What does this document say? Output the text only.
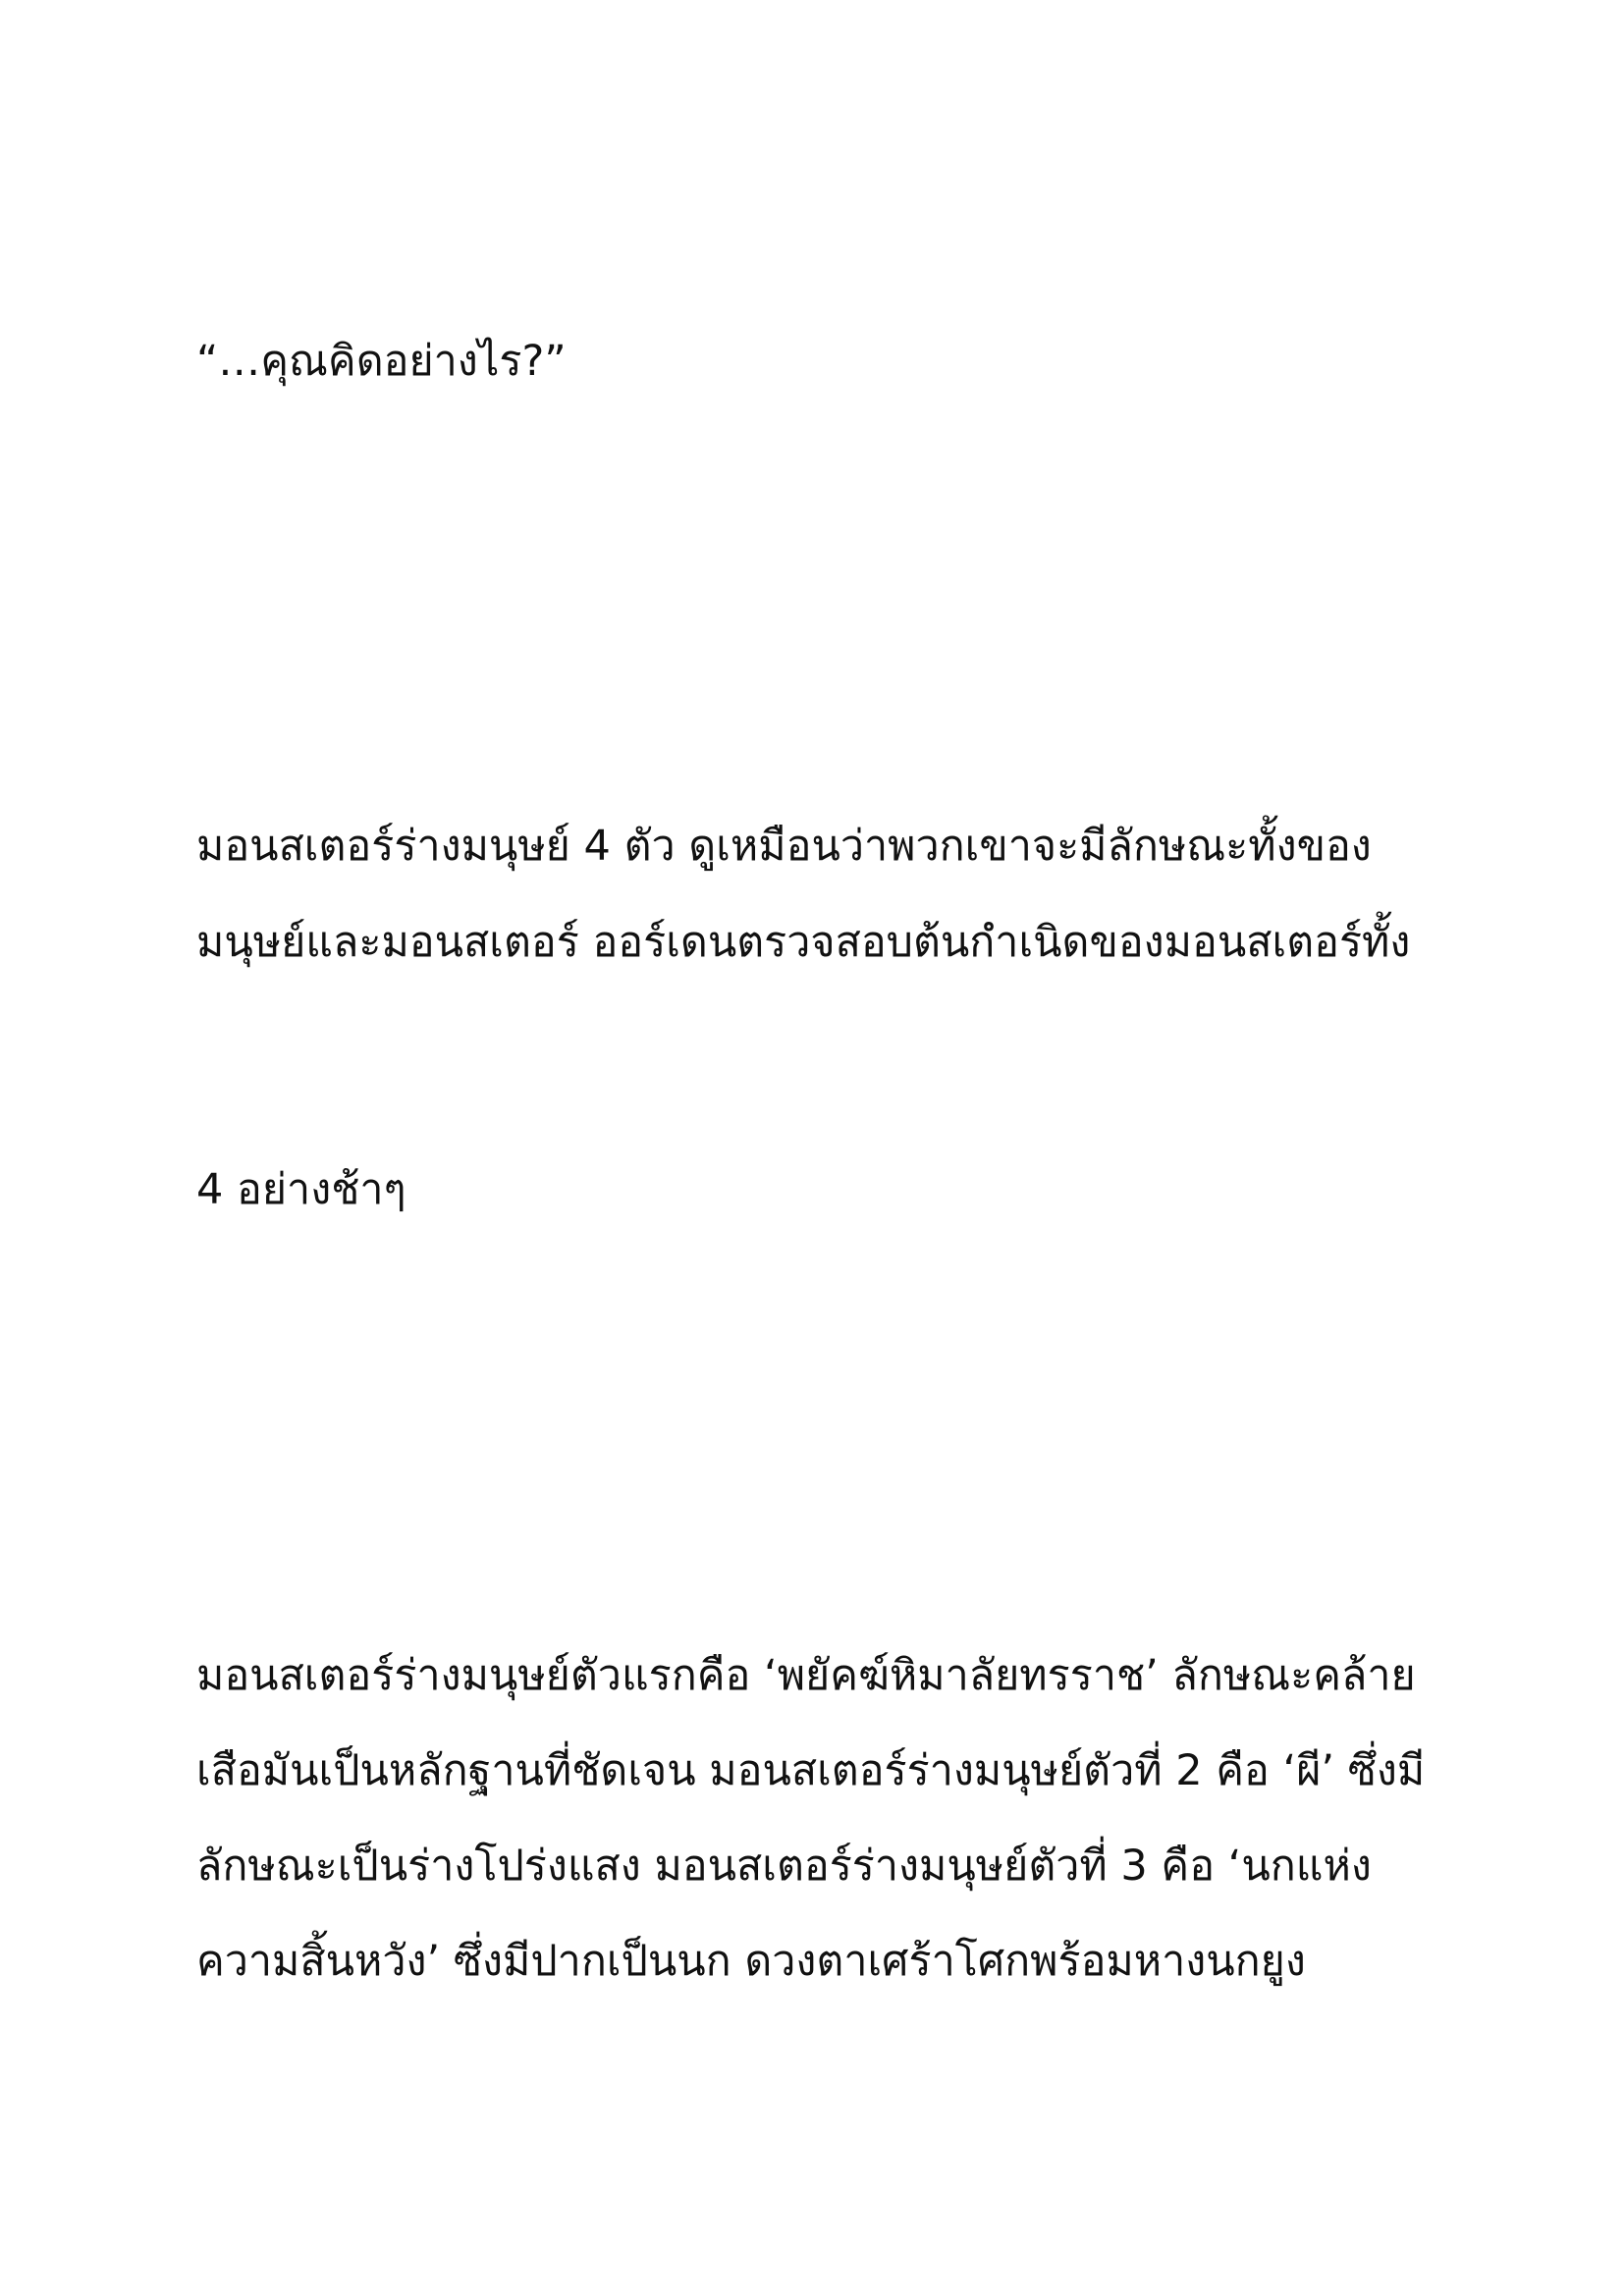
“…คุณคิดอย่างไร?”

มอนสเตอร์ร่างมนุษย์ 4 ตัว ดูเหมือนว่าพวกเขาจะมีลักษณะทั้งของ

มนุษย์และมอนสเตอร์ ออร์เดนตรวจสอบต้นกำเนิดของมอนสเตอร์ทั้ง

4 อย่างช้าๆ

มอนสเตอร์ร่างมนุษย์ตัวแรกคือ ‘พยัคฆ์หิมาลัยทรราช’ ลักษณะคล้าย

เสือมันเป็นหลักฐานที่ชัดเจน มอนสเตอร์ร่างมนุษย์ตัวที่ 2 คือ ‘ผี’ ซึ่งมี

ลักษณะเป็นร่างโปร่งแสง มอนสเตอร์ร่างมนุษย์ตัวที่ 3 คือ ‘นกแห่ง

ความสิ้นหวัง’ ซึ่งมีปากเป็นนก ดวงตาเศร้าโศกพร้อมหางนกยูง
